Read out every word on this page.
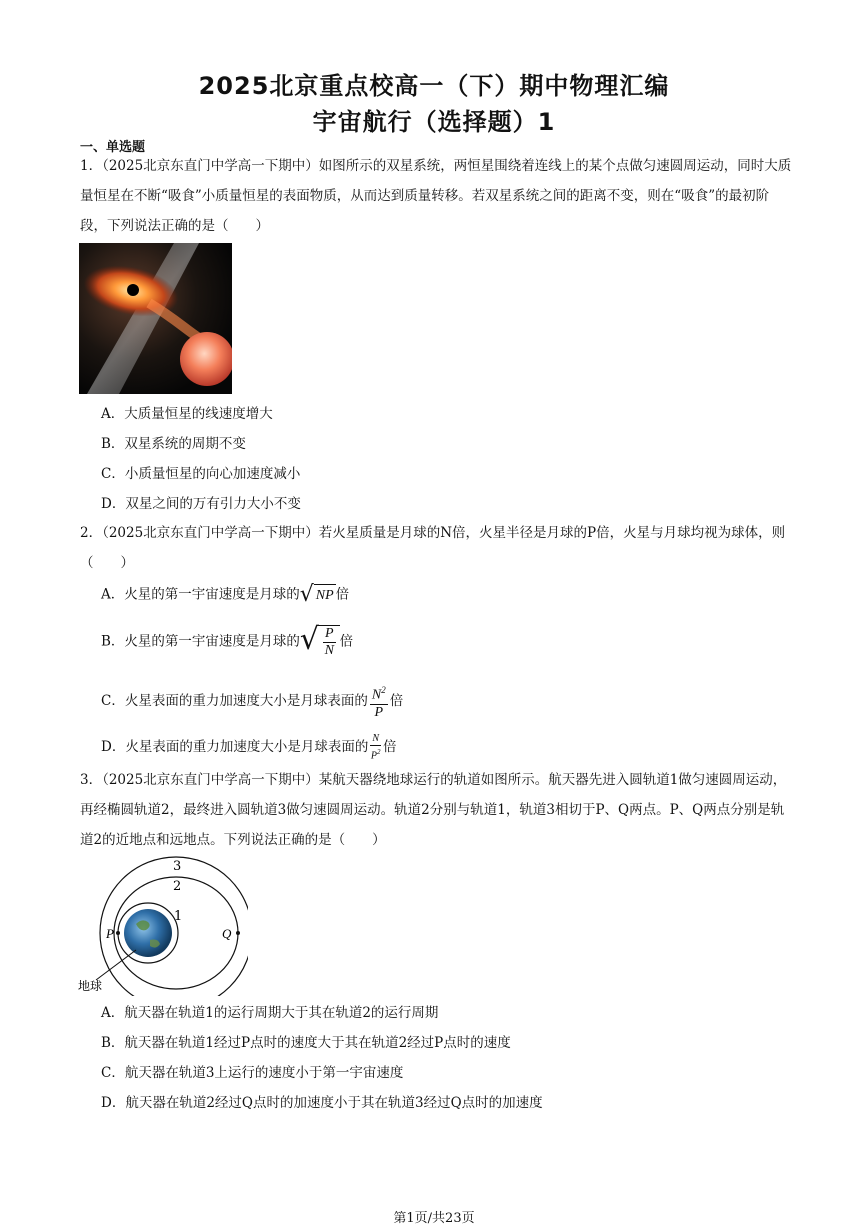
2025北京重点校高一（下）期中物理汇编
宇宙航行（选择题）1
一、单选题
1．（2025北京东直门中学高一下期中）如图所示的双星系统，两恒星围绕着连线上的某个点做匀速圆周运动，同时大质量恒星在不断“吸食”小质量恒星的表面物质，从而达到质量转移。若双星系统之间的距离不变，则在“吸食”的最初阶段，下列说法正确的是（　　）
A．大质量恒星的线速度增大
B．双星系统的周期不变
C．小质量恒星的向心加速度减小
D．双星之间的万有引力大小不变
2．（2025北京东直门中学高一下期中）若火星质量是月球的N倍，火星半径是月球的P倍，火星与月球均视为球体，则（　　）
A．火星的第一宇宙速度是月球的 √ NP 倍
B．火星的第一宇宙速度是月球的 √ $\frac{P}{N}$ 倍
C．火星表面的重力加速度大小是月球表面的 $\frac{N^2}{P}$ 倍
D．火星表面的重力加速度大小是月球表面的 $\frac{N}{P^2}$ 倍
3．（2025北京东直门中学高一下期中）某航天器绕地球运行的轨道如图所示。航天器先进入圆轨道1做匀速圆周运动，再经椭圆轨道2，最终进入圆轨道3做匀速圆周运动。轨道2分别与轨道1，轨道3相切于P、Q两点。P、Q两点分别是轨道2的近地点和远地点。下列说法正确的是（　　）
3
2
1
P	Q
地球
A．航天器在轨道1的运行周期大于其在轨道2的运行周期
B．航天器在轨道1经过P点时的速度大于其在轨道2经过P点时的速度
C．航天器在轨道3上运行的速度小于第一宇宙速度
D．航天器在轨道2经过Q点时的加速度小于其在轨道3经过Q点时的加速度
第1页/共23页
